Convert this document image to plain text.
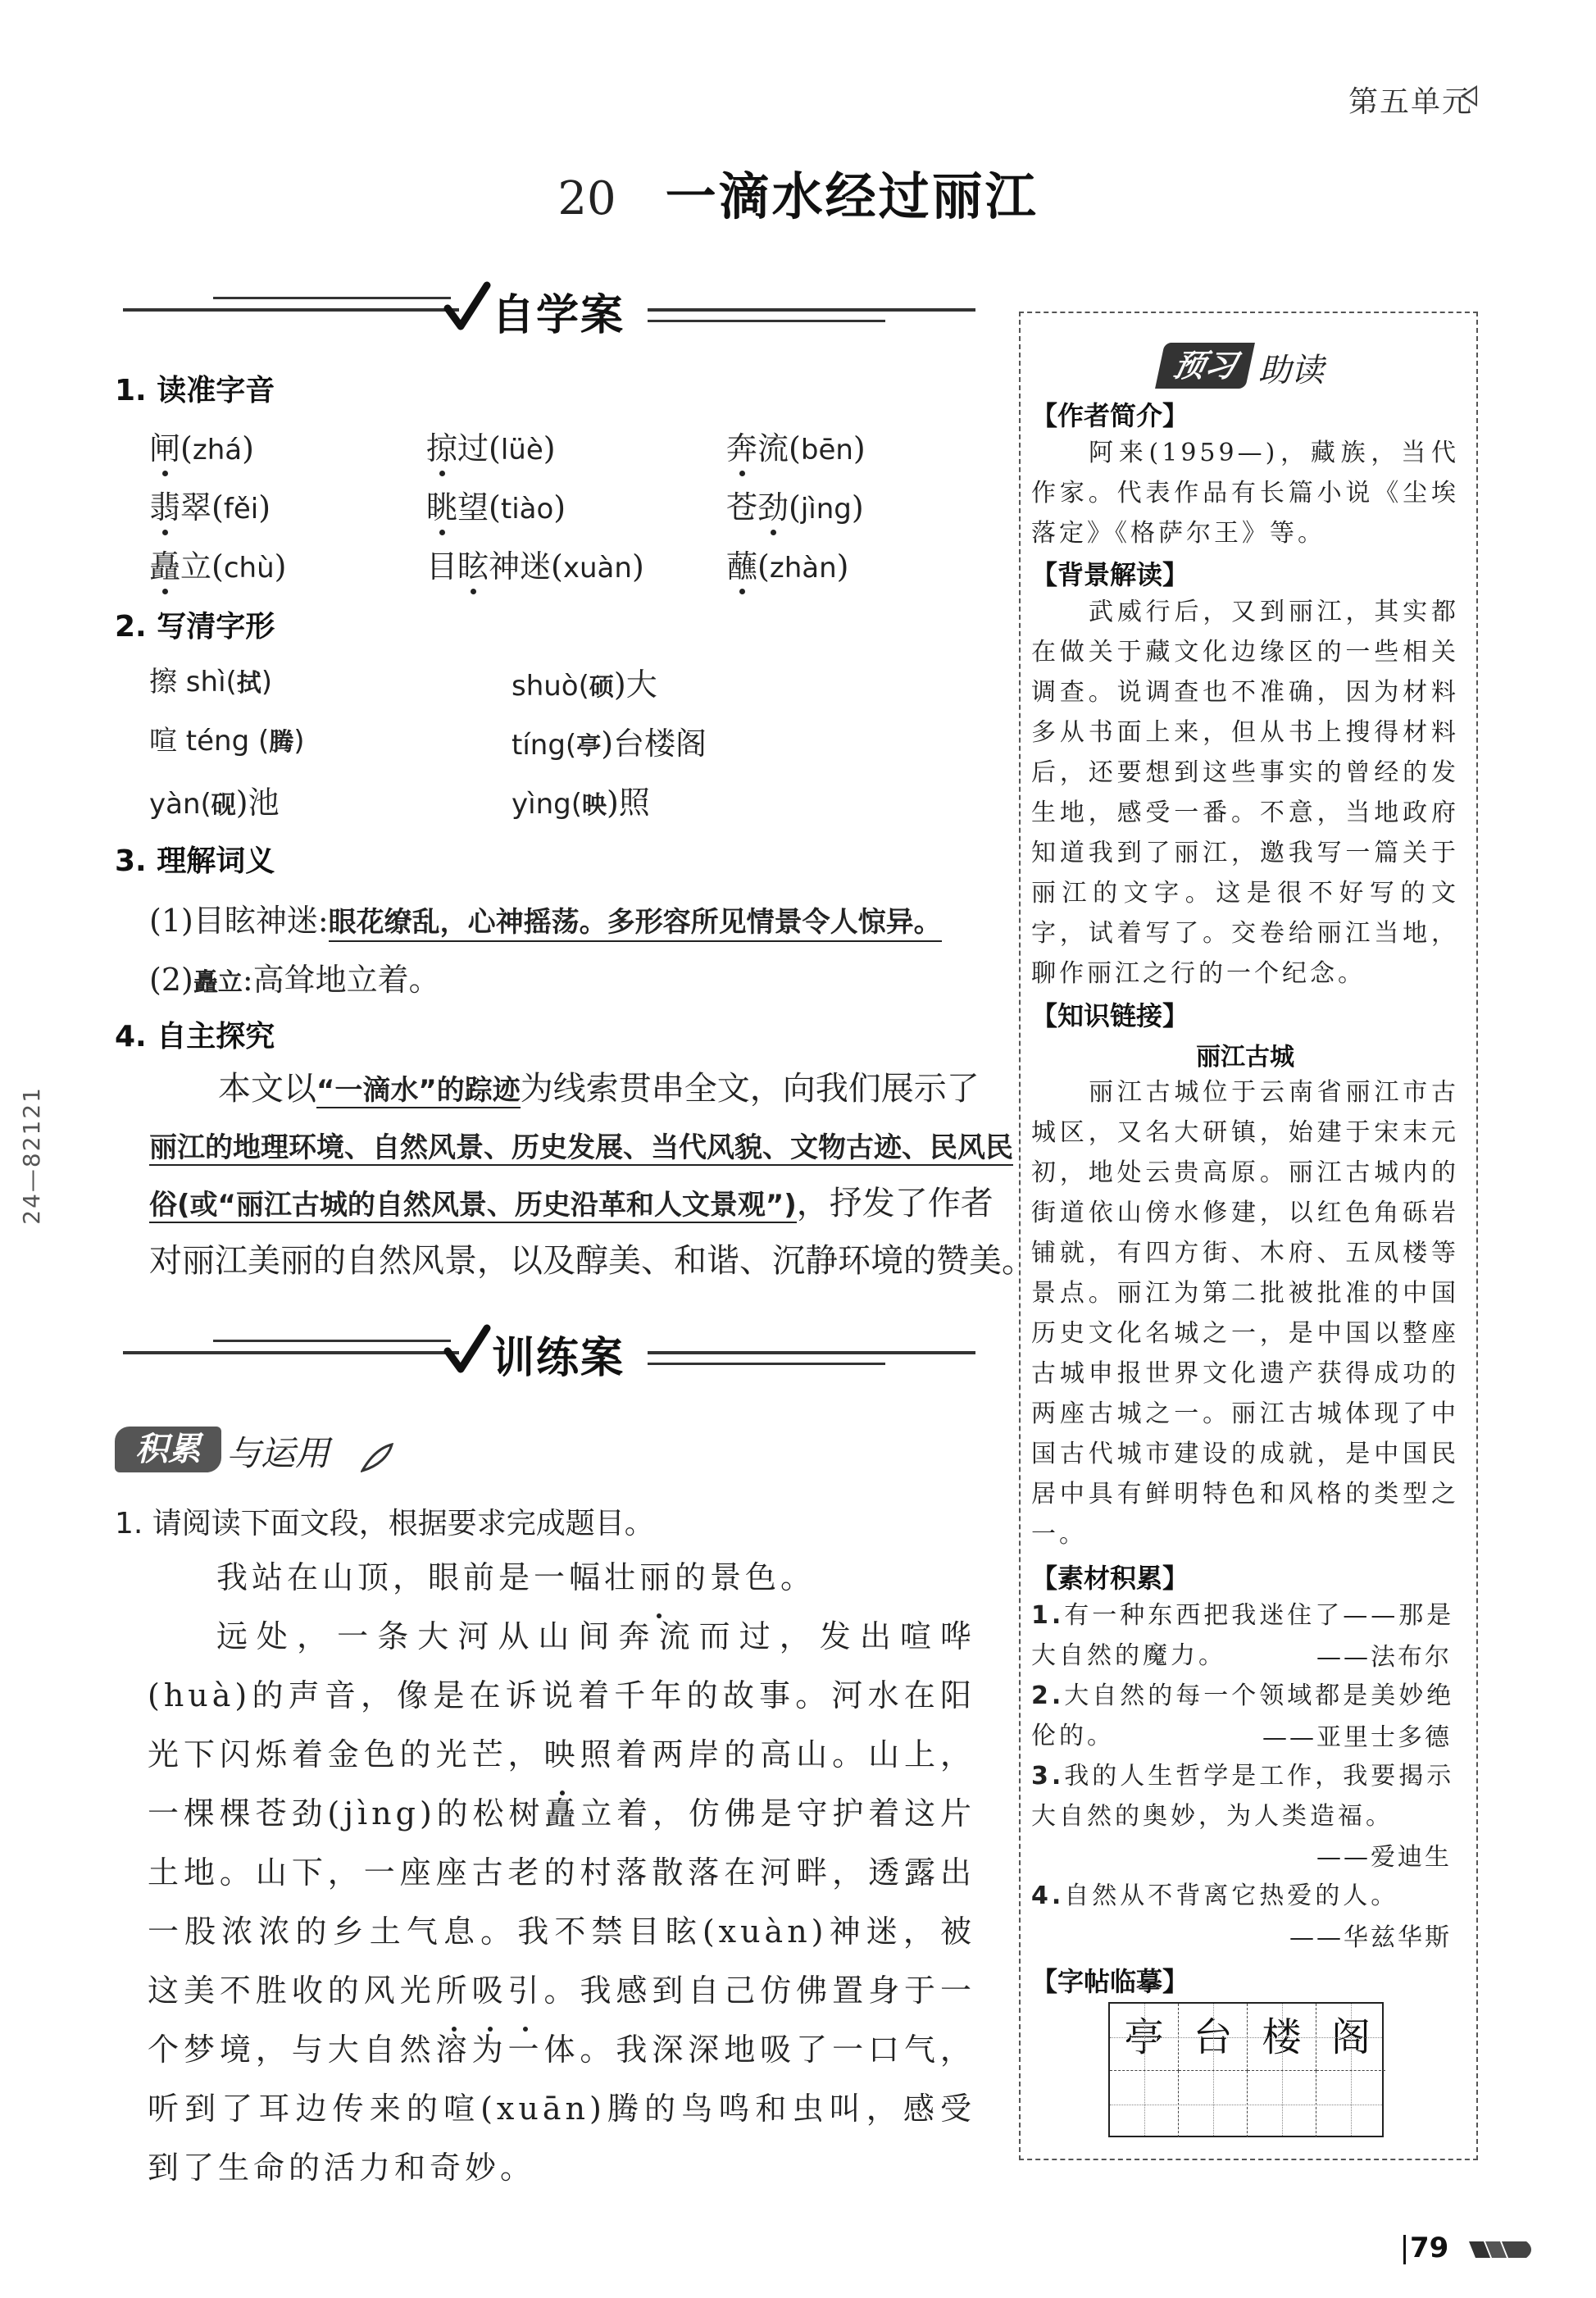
第五单元
20 一滴水经过丽江
自学案
1. 读准字音
闸(zhá)	掠过(lüè)	奔流(bēn)
翡翠(fěi)	眺望(tiào)	苍劲(jìng)
矗立(chù)	目眩神迷(xuàn)	蘸(zhàn)
2. 写清字形
擦 shì(拭)	shuò(硕)大
喧 téng (腾)	tíng(亭)台楼阁
yàn(砚)池	yìng(映)照
3. 理解词义
(1)目眩神迷:眼花缭乱，心神摇荡。多形容所见情景令人惊异。
(2)矗立:高耸地立着。
4. 自主探究
本文以“一滴水”的踪迹为线索贯串全文，向我们展示了
丽江的地理环境、自然风景、历史发展、当代风貌、文物古迹、民风民
俗(或“丽江古城的自然风景、历史沿革和人文景观”)，抒发了作者
对丽江美丽的自然风景，以及醇美、和谐、沉静环境的赞美。
训练案
积累 与运用
1. 请阅读下面文段，根据要求完成题目。

我站在山顶，眼前是一幅壮丽的景色。

远处，一条大河从山间奔流而过，发出喧哗(huà)的声音，像是在诉说着千年的故事。河水在阳光下闪烁着金色的光芒，映照着两岸的高山。山上，一棵棵苍劲(jìng)的松树矗立着，仿佛是守护着这片土地。山下，一座座古老的村落散落在河畔，透露出一股浓浓的乡土气息。我不禁目眩(xuàn)神迷，被这美不胜收的风光所吸引。我感到自己仿佛置身于一个梦境，与大自然溶为一体。我深深地吸了一口气，听到了耳边传来的喧(xuān)腾的鸟鸣和虫叫，感受到了生命的活力和奇妙。

24—82121
预习 助读
【作者简介】
阿来(1959—)，藏族，当代作家。代表作品有长篇小说《尘埃落定》《格萨尔王》等。
【背景解读】
武威行后，又到丽江，其实都在做关于藏文化边缘区的一些相关调查。说调查也不准确，因为材料多从书面上来，但从书上搜得材料后，还要想到这些事实的曾经的发生地，感受一番。不意，当地政府知道我到了丽江，邀我写一篇关于丽江的文字。这是很不好写的文字，试着写了。交卷给丽江当地，聊作丽江之行的一个纪念。
【知识链接】
丽江古城
丽江古城位于云南省丽江市古城区，又名大研镇，始建于宋末元初，地处云贵高原。丽江古城内的街道依山傍水修建，以红色角砾岩铺就，有四方街、木府、五凤楼等景点。丽江为第二批被批准的中国历史文化名城之一，是中国以整座古城申报世界文化遗产获得成功的两座古城之一。丽江古城体现了中国古代城市建设的成就，是中国民居中具有鲜明特色和风格的类型之一。
【素材积累】
1.有一种东西把我迷住了——那是大自然的魔力。	——法布尔
2.大自然的每一个领域都是美妙绝伦的。	——亚里士多德
3.我的人生哲学是工作，我要揭示大自然的奥妙，为人类造福。
——爱迪生
4.自然从不背离它热爱的人。
——华兹华斯
【字帖临摹】
亭 台 楼 阁
79
